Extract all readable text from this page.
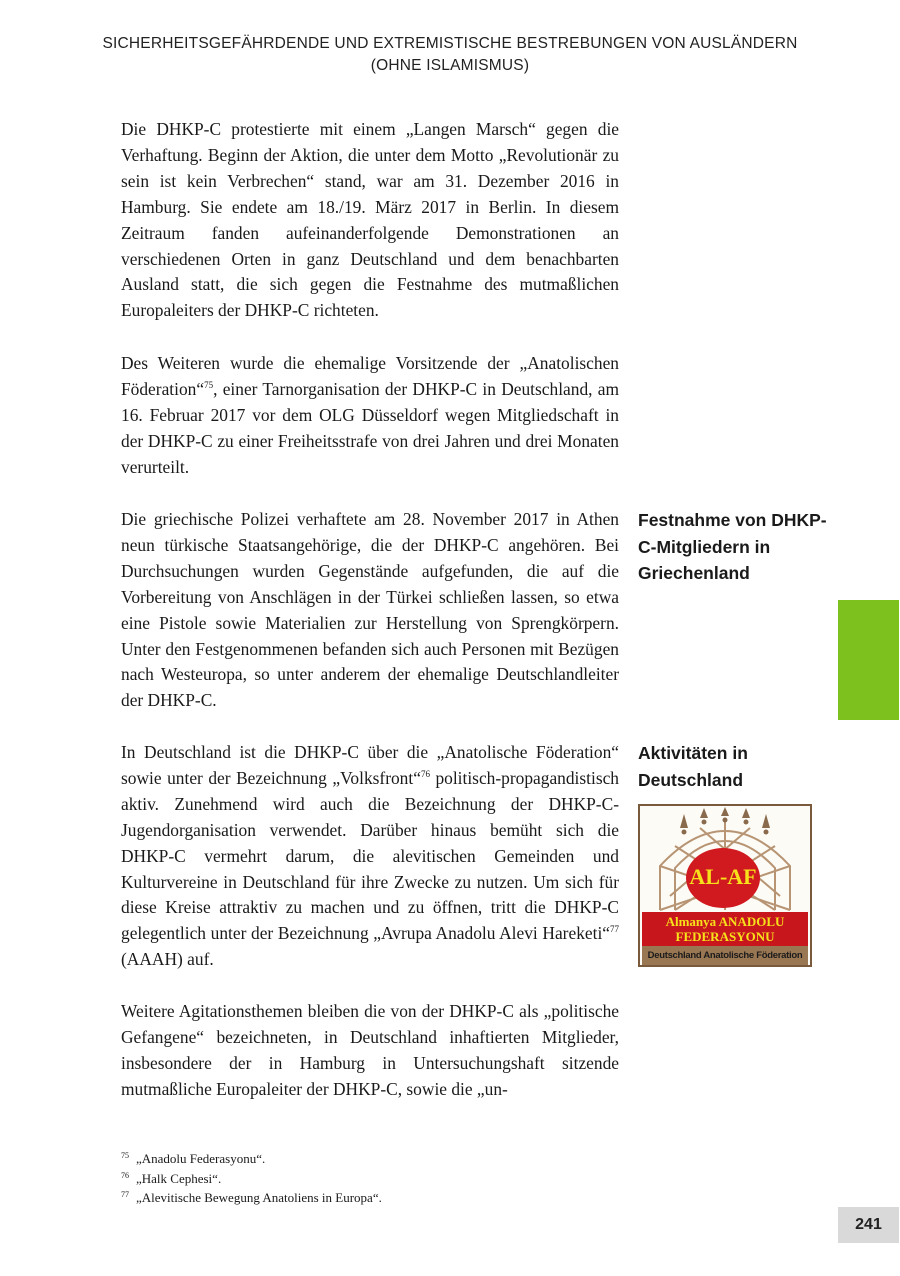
SICHERHEITSGEFÄHRDENDE UND EXTREMISTISCHE BESTREBUNGEN VON AUSLÄNDERN
(OHNE ISLAMISMUS)

Die DHKP-C protestierte mit einem „Langen Marsch“ gegen die Verhaftung. Beginn der Aktion, die unter dem Motto „Revolutionär zu sein ist kein Verbrechen“ stand, war am 31. Dezember 2016 in Hamburg. Sie endete am 18./19. März 2017 in Berlin. In diesem Zeitraum fanden aufeinanderfolgende Demonstrationen an verschiedenen Orten in ganz Deutschland und dem benachbarten Ausland statt, die sich gegen die Festnahme des mutmaßlichen Europaleiters der DHKP-C richteten.

Des Weiteren wurde die ehemalige Vorsitzende der „Anatolischen Föderation“$^{75}$, einer Tarnorganisation der DHKP-C in Deutschland, am 16. Februar 2017 vor dem OLG Düsseldorf wegen Mitgliedschaft in der DHKP-C zu einer Freiheitsstrafe von drei Jahren und drei Monaten verurteilt.

Die griechische Polizei verhaftete am 28. November 2017 in Athen neun türkische Staatsangehörige, die der DHKP-C angehören. Bei Durchsuchungen wurden Gegenstände aufgefunden, die auf die Vorbereitung von Anschlägen in der Türkei schließen lassen, so etwa eine Pistole sowie Materialien zur Herstellung von Sprengkörpern. Unter den Festgenommenen befanden sich auch Personen mit Bezügen nach Westeuropa, so unter anderem der ehemalige Deutschlandleiter der DHKP-C.

In Deutschland ist die DHKP-C über die „Anatolische Föderation“ sowie unter der Bezeichnung „Volksfront“$^{76}$ politisch-propagandistisch aktiv. Zunehmend wird auch die Bezeichnung der DHKP-C-Jugendorganisation verwendet. Darüber hinaus bemüht sich die DHKP-C vermehrt darum, die alevitischen Gemeinden und Kulturvereine in Deutschland für ihre Zwecke zu nutzen. Um sich für diese Kreise attraktiv zu machen und zu öffnen, tritt die DHKP-C gelegentlich unter der Bezeichnung „Avrupa Anadolu Alevi Hareketi“$^{77}$ (AAAH) auf.

Weitere Agitationsthemen bleiben die von der DHKP-C als „politische Gefangene“ bezeichneten, in Deutschland inhaftierten Mitglieder, insbesondere der in Hamburg in Untersuchungshaft sitzende mutmaßliche Europaleiter der DHKP-C, sowie die „un-

Festnahme von DHKP-C-Mitgliedern in Griechenland
Aktivitäten in Deutschland
AL-AF
Almanya ANADOLU
FEDERASYONU
Deutschland Anatolische Föderation
75 „Anadolu Federasyonu“.
76 „Halk Cephesi“.
77 „Alevitische Bewegung Anatoliens in Europa“.
241
